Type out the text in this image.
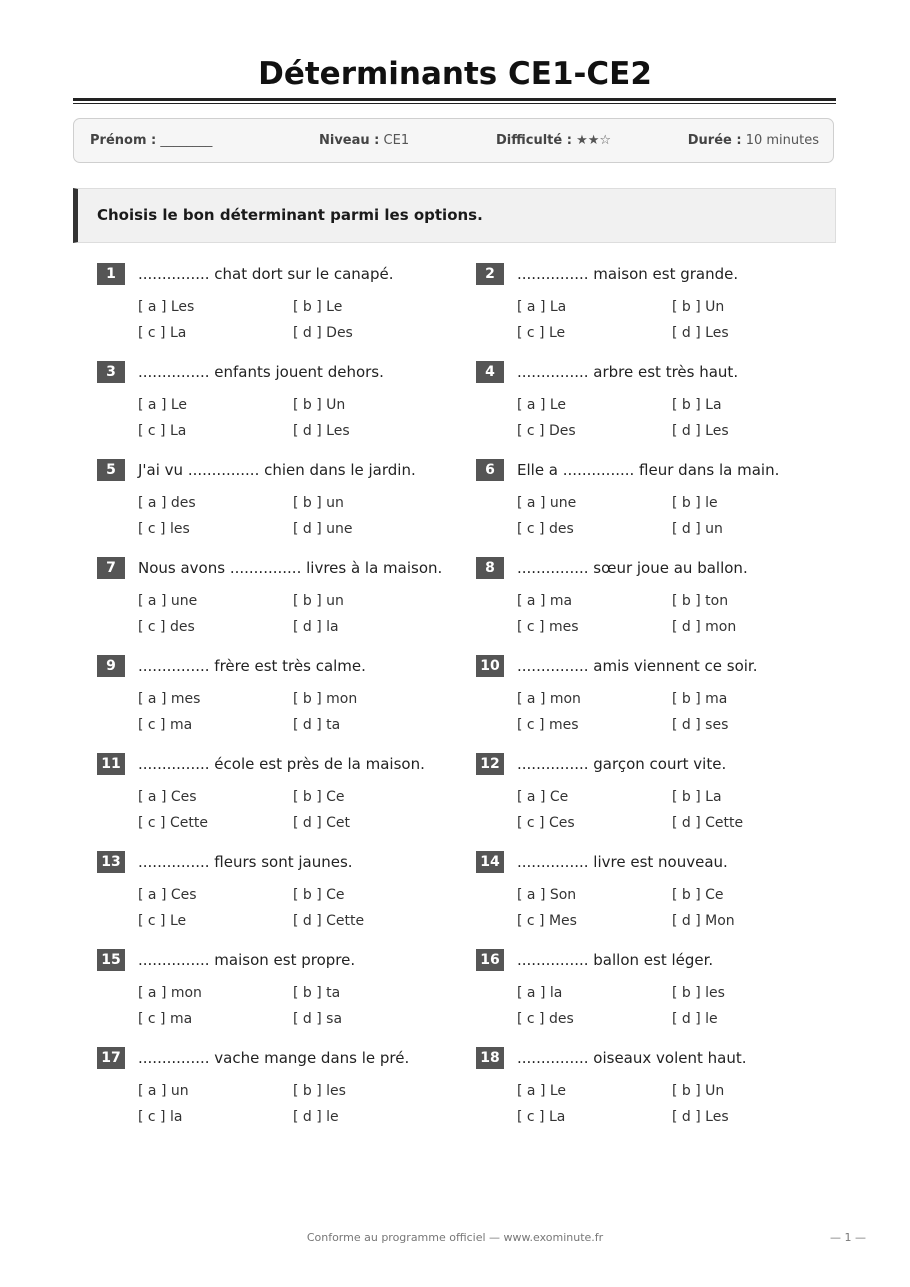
Déterminants CE1-CE2
Prénom : ________	Niveau : CE1	Difficulté : ★★☆	Durée : 10 minutes
Choisis le bon déterminant parmi les options.
1	............... chat dort sur le canapé.
[ a ] Les	[ b ] Le
[ c ] La	[ d ] Des
2	............... maison est grande.
[ a ] La	[ b ] Un
[ c ] Le	[ d ] Les
3	............... enfants jouent dehors.
[ a ] Le	[ b ] Un
[ c ] La	[ d ] Les
4	............... arbre est très haut.
[ a ] Le	[ b ] La
[ c ] Des	[ d ] Les
5	J'ai vu ............... chien dans le jardin.
[ a ] des	[ b ] un
[ c ] les	[ d ] une
6	Elle a ............... fleur dans la main.
[ a ] une	[ b ] le
[ c ] des	[ d ] un
7	Nous avons ............... livres à la maison.
[ a ] une	[ b ] un
[ c ] des	[ d ] la
8	............... sœur joue au ballon.
[ a ] ma	[ b ] ton
[ c ] mes	[ d ] mon
9	............... frère est très calme.
[ a ] mes	[ b ] mon
[ c ] ma	[ d ] ta
10 ............... amis viennent ce soir.
[ a ] mon	[ b ] ma
[ c ] mes	[ d ] ses
11 ............... école est près de la maison.
[ a ] Ces	[ b ] Ce
[ c ] Cette	[ d ] Cet
12 ............... garçon court vite.
[ a ] Ce	[ b ] La
[ c ] Ces	[ d ] Cette
13 ............... fleurs sont jaunes.
[ a ] Ces	[ b ] Ce
[ c ] Le	[ d ] Cette
14 ............... livre est nouveau.
[ a ] Son	[ b ] Ce
[ c ] Mes	[ d ] Mon
15 ............... maison est propre.
[ a ] mon	[ b ] ta
[ c ] ma	[ d ] sa
16 ............... ballon est léger.
[ a ] la	[ b ] les
[ c ] des	[ d ] le
17 ............... vache mange dans le pré.
[ a ] un	[ b ] les
[ c ] la	[ d ] le
18 ............... oiseaux volent haut.
[ a ] Le	[ b ] Un
[ c ] La	[ d ] Les
Conforme au programme officiel — www.exominute.fr	— 1 —
